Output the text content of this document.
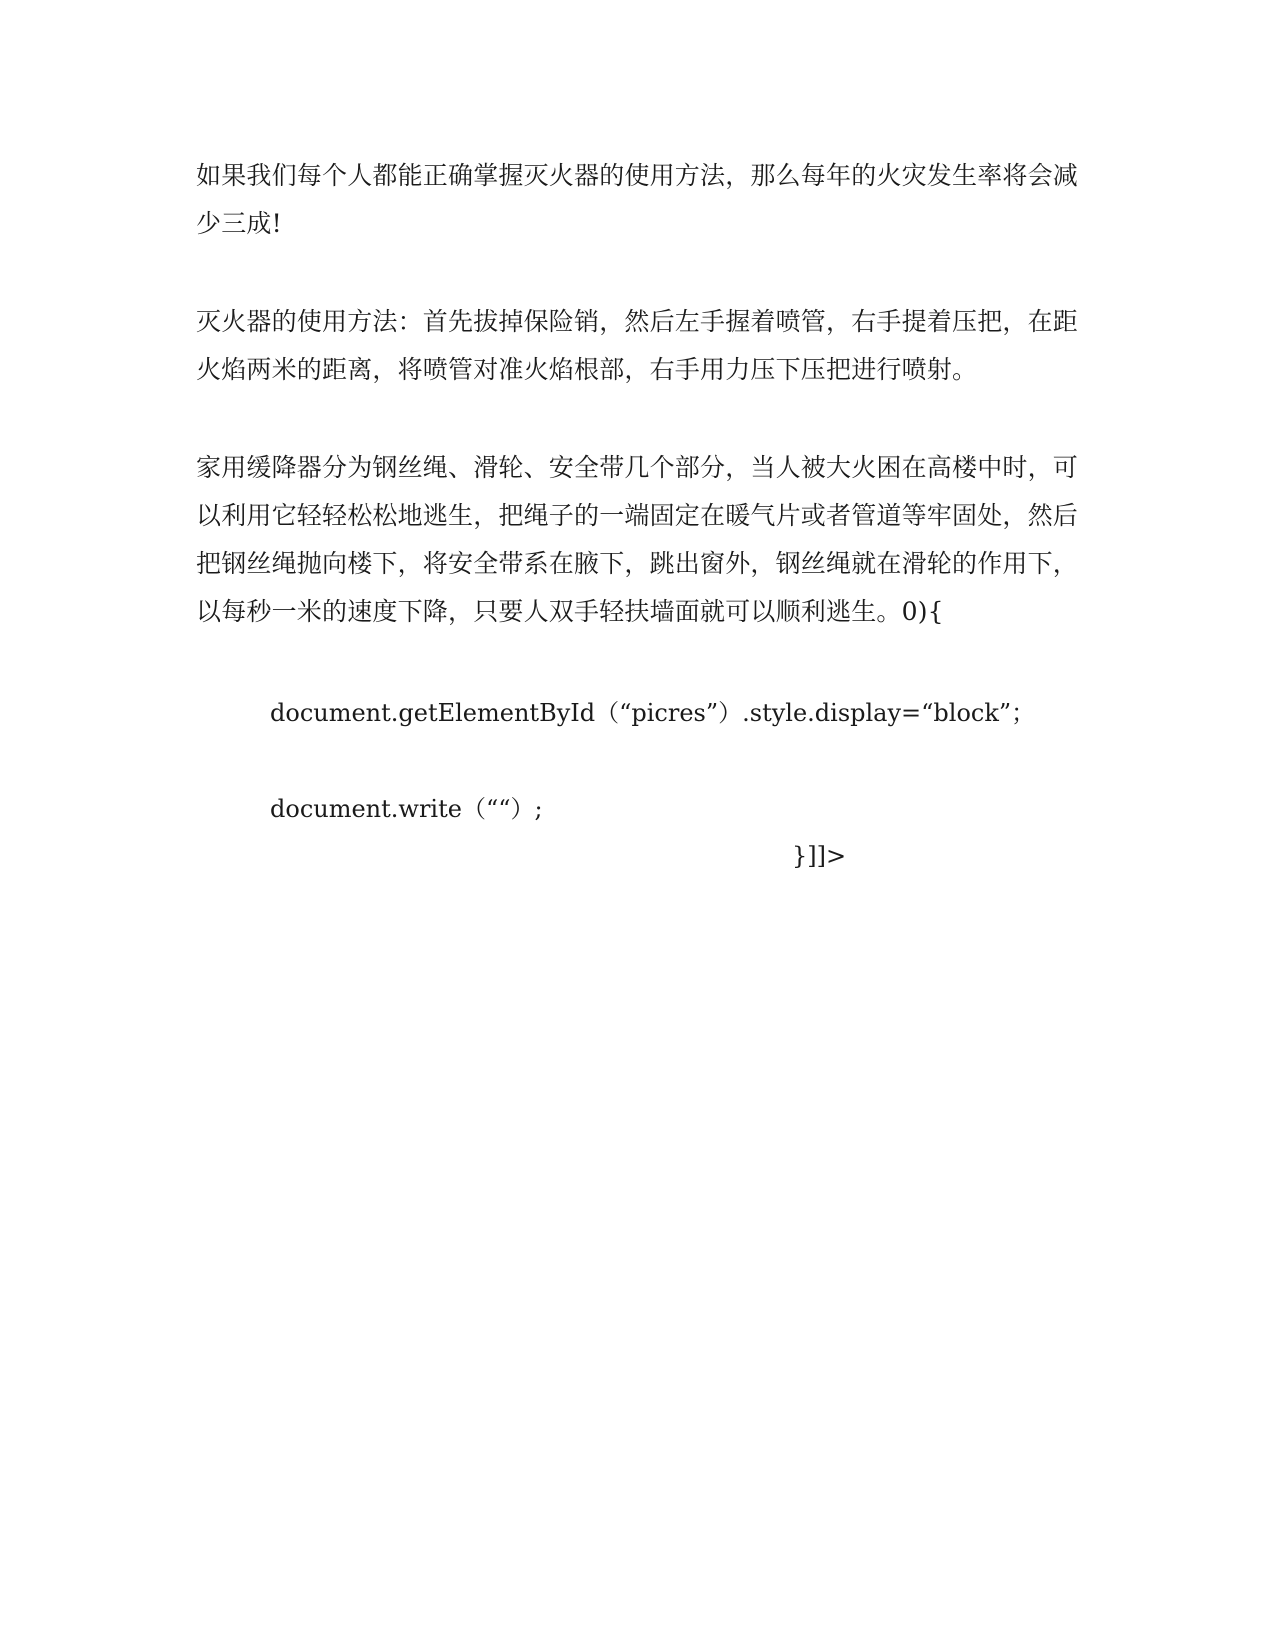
如果我们每个人都能正确掌握灭火器的使用方法，那么每年的火灾发生率将会减少三成!

灭火器的使用方法：首先拔掉保险销，然后左手握着喷管，右手提着压把，在距火焰两米的距离，将喷管对准火焰根部，右手用力压下压把进行喷射。

家用缓降器分为钢丝绳、滑轮、安全带几个部分，当人被大火困在高楼中时，可以利用它轻轻松松地逃生，把绳子的一端固定在暖气片或者管道等牢固处，然后把钢丝绳抛向楼下，将安全带系在腋下，跳出窗外，钢丝绳就在滑轮的作用下，以每秒一米的速度下降，只要人双手轻扶墙面就可以顺利逃生。0){

document.getElementById（“picres”）.style.display=“block”；
document.write（““）;
}]]>
